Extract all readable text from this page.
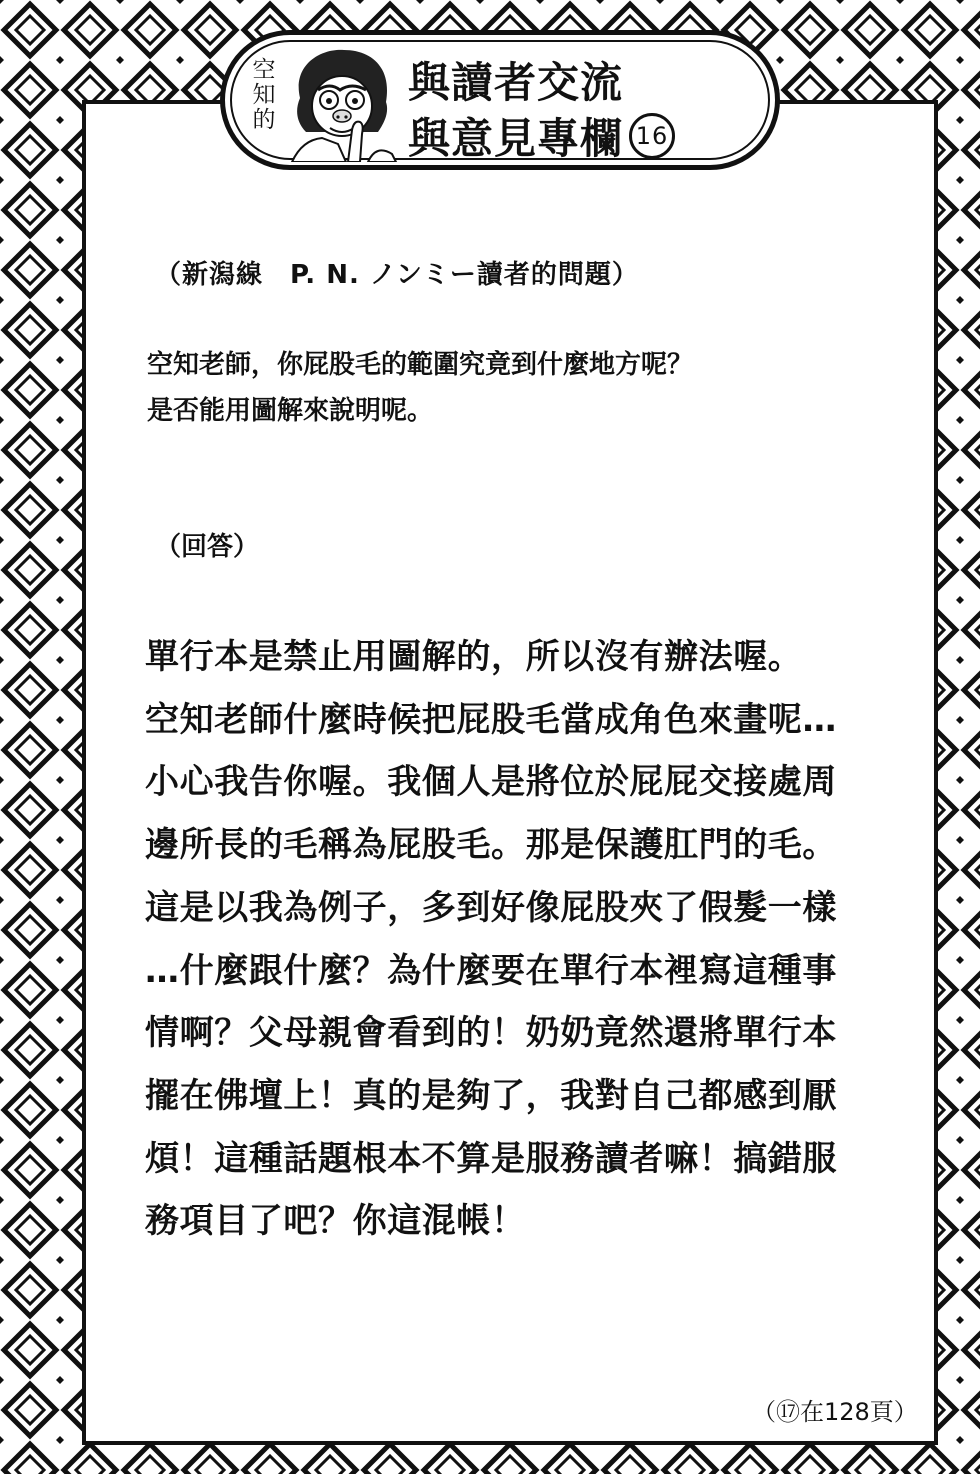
空
知
的
與讀者交流
與意見專欄 16
（新潟線　P. N. ノンミー讀者的問題）
空知老師，你屁股毛的範圍究竟到什麼地方呢？
是否能用圖解來說明呢。
（回答）
單行本是禁止用圖解的，所以沒有辦法喔。
空知老師什麼時候把屁股毛當成角色來畫呢…
小心我告你喔。我個人是將位於屁屁交接處周
邊所長的毛稱為屁股毛。那是保護肛門的毛。
這是以我為例子，多到好像屁股夾了假髮一樣
…什麼跟什麼？為什麼要在單行本裡寫這種事
情啊？父母親會看到的！奶奶竟然還將單行本
擺在佛壇上！真的是夠了，我對自己都感到厭
煩！這種話題根本不算是服務讀者嘛！搞錯服
務項目了吧？你這混帳！
（⑰在128頁）
